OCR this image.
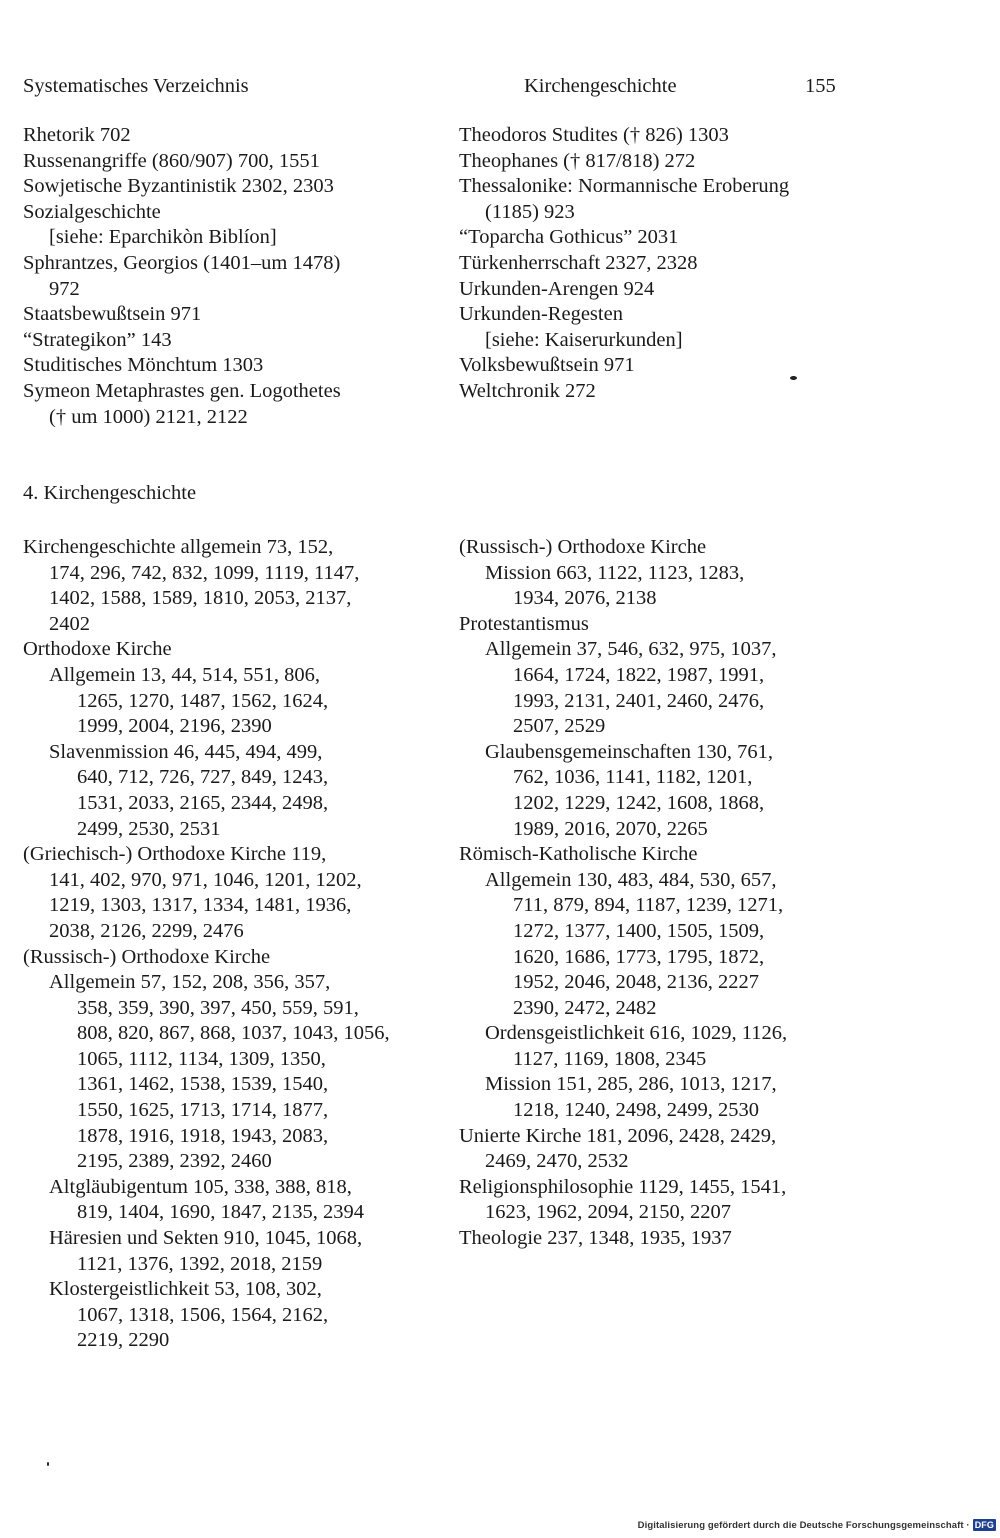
Systematisches Verzeichnis	Kirchengeschichte	155
Rhetorik 702
Russenangriffe (860/907) 700, 1551
Sowjetische Byzantinistik 2302, 2303
Sozialgeschichte
[siehe: Eparchikòn Biblíon]
Sphrantzes, Georgios (1401–um 1478)
972
Staatsbewußtsein 971
“Strategikon” 143
Studitisches Mönchtum 1303
Symeon Metaphrastes gen. Logothetes
(† um 1000) 2121, 2122
Theodoros Studites († 826) 1303
Theophanes († 817/818) 272
Thessalonike: Normannische Eroberung
(1185) 923
“Toparcha Gothicus” 2031
Türkenherrschaft 2327, 2328
Urkunden-Arengen 924
Urkunden-Regesten
[siehe: Kaiserurkunden]
Volksbewußtsein 971
Weltchronik 272
4. Kirchengeschichte
Kirchengeschichte allgemein 73, 152,
174, 296, 742, 832, 1099, 1119, 1147,
1402, 1588, 1589, 1810, 2053, 2137,
2402
Orthodoxe Kirche
Allgemein 13, 44, 514, 551, 806,
1265, 1270, 1487, 1562, 1624,
1999, 2004, 2196, 2390
Slavenmission 46, 445, 494, 499,
640, 712, 726, 727, 849, 1243,
1531, 2033, 2165, 2344, 2498,
2499, 2530, 2531
(Griechisch-) Orthodoxe Kirche 119,
141, 402, 970, 971, 1046, 1201, 1202,
1219, 1303, 1317, 1334, 1481, 1936,
2038, 2126, 2299, 2476
(Russisch-) Orthodoxe Kirche
Allgemein 57, 152, 208, 356, 357,
358, 359, 390, 397, 450, 559, 591,
808, 820, 867, 868, 1037, 1043, 1056,
1065, 1112, 1134, 1309, 1350,
1361, 1462, 1538, 1539, 1540,
1550, 1625, 1713, 1714, 1877,
1878, 1916, 1918, 1943, 2083,
2195, 2389, 2392, 2460
Altgläubigentum 105, 338, 388, 818,
819, 1404, 1690, 1847, 2135, 2394
Häresien und Sekten 910, 1045, 1068,
1121, 1376, 1392, 2018, 2159
Klostergeistlichkeit 53, 108, 302,
1067, 1318, 1506, 1564, 2162,
2219, 2290
(Russisch-) Orthodoxe Kirche
Mission 663, 1122, 1123, 1283,
1934, 2076, 2138
Protestantismus
Allgemein 37, 546, 632, 975, 1037,
1664, 1724, 1822, 1987, 1991,
1993, 2131, 2401, 2460, 2476,
2507, 2529
Glaubensgemeinschaften 130, 761,
762, 1036, 1141, 1182, 1201,
1202, 1229, 1242, 1608, 1868,
1989, 2016, 2070, 2265
Römisch-Katholische Kirche
Allgemein 130, 483, 484, 530, 657,
711, 879, 894, 1187, 1239, 1271,
1272, 1377, 1400, 1505, 1509,
1620, 1686, 1773, 1795, 1872,
1952, 2046, 2048, 2136, 2227
2390, 2472, 2482
Ordensgeistlichkeit 616, 1029, 1126,
1127, 1169, 1808, 2345
Mission 151, 285, 286, 1013, 1217,
1218, 1240, 2498, 2499, 2530
Unierte Kirche 181, 2096, 2428, 2429,
2469, 2470, 2532
Religionsphilosophie 1129, 1455, 1541,
1623, 1962, 2094, 2150, 2207
Theologie 237, 1348, 1935, 1937
Digitalisierung gefördert durch die Deutsche Forschungsgemeinschaft · DFG
